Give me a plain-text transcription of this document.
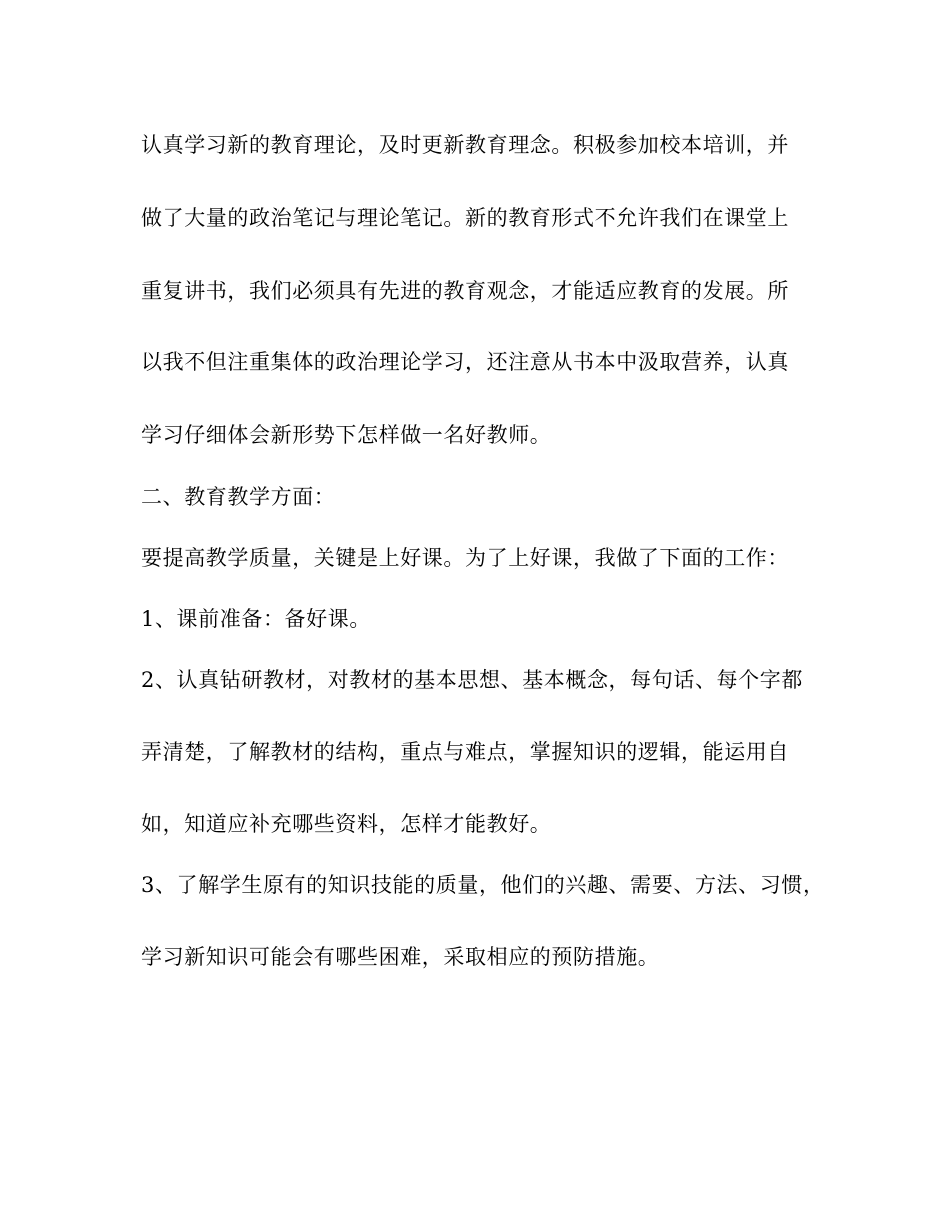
认真学习新的教育理论，及时更新教育理念。积极参加校本培训，并
做了大量的政治笔记与理论笔记。新的教育形式不允许我们在课堂上
重复讲书，我们必须具有先进的教育观念，才能适应教育的发展。所
以我不但注重集体的政治理论学习，还注意从书本中汲取营养，认真
学习仔细体会新形势下怎样做一名好教师。
二、教育教学方面：
要提高教学质量，关键是上好课。为了上好课，我做了下面的工作：
1、课前准备：备好课。
2、认真钻研教材，对教材的基本思想、基本概念，每句话、每个字都
弄清楚，了解教材的结构，重点与难点，掌握知识的逻辑，能运用自
如，知道应补充哪些资料，怎样才能教好。
3、了解学生原有的知识技能的质量，他们的兴趣、需要、方法、习惯，
学习新知识可能会有哪些困难，采取相应的预防措施。
